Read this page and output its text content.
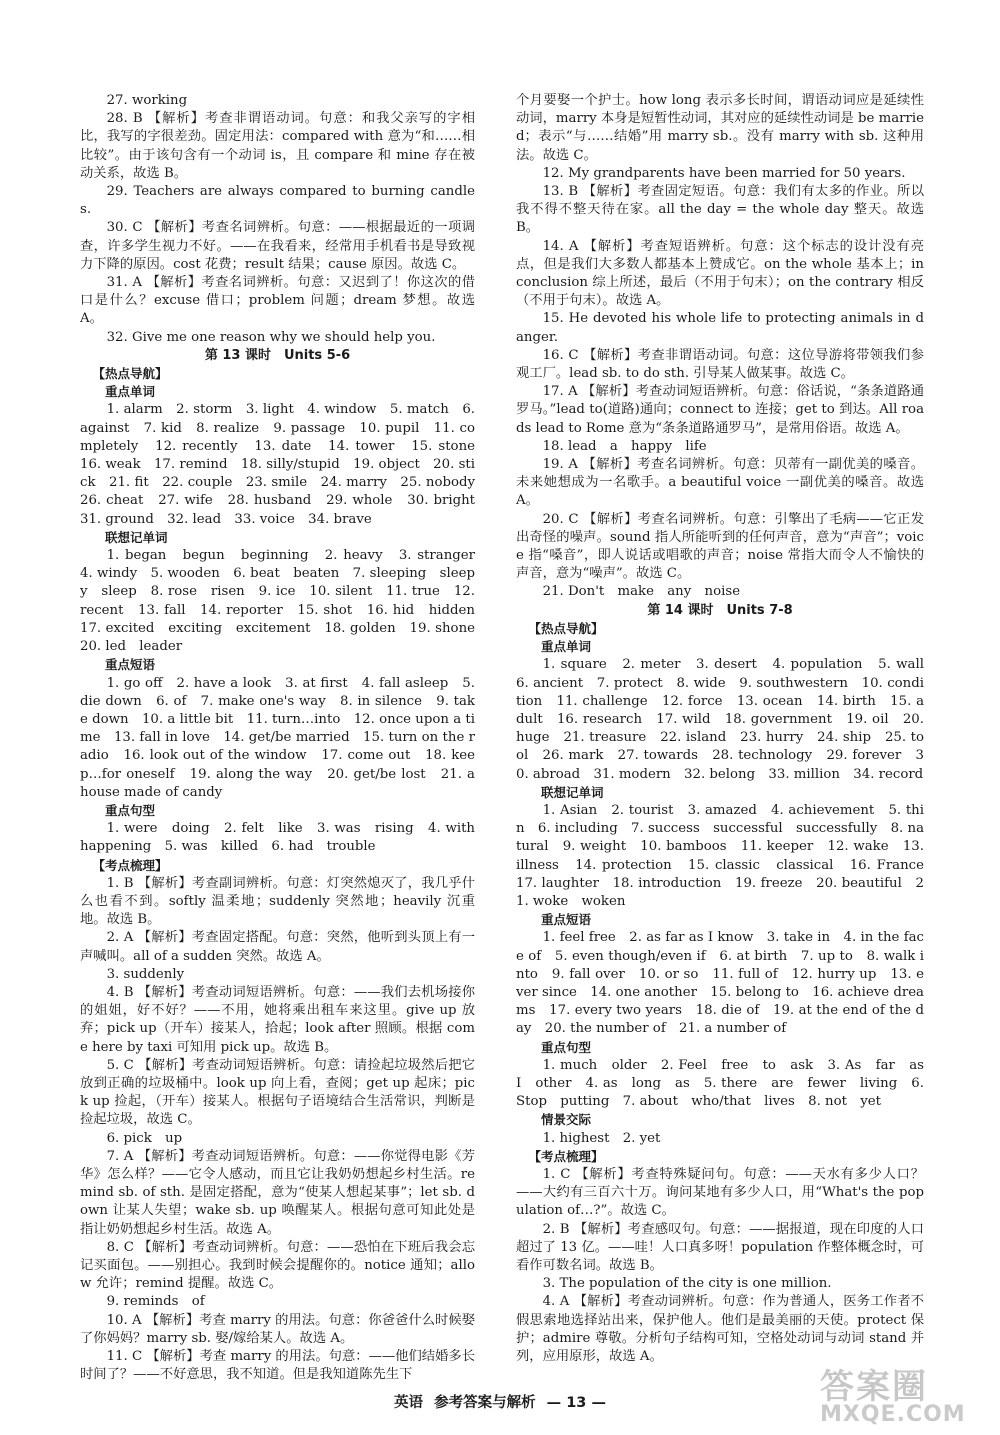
27. working

28. B 【解析】考查非谓语动词。句意：和我父亲写的字相比，我写的字很差劲。固定用法：compared with 意为“和……相比较”。由于该句含有一个动词 is，且 compare 和 mine 存在被动关系，故选 B。

29. Teachers are always compared to burning candles.

30. C 【解析】考查名词辨析。句意：——根据最近的一项调查，许多学生视力不好。——在我看来，经常用手机看书是导致视力下降的原因。cost 花费；result 结果；cause 原因。故选 C。

31. A 【解析】考查名词辨析。句意：又迟到了！你这次的借口是什么？excuse 借口；problem 问题；dream 梦想。故选 A。

32. Give me one reason why we should help you.

第 13 课时　Units 5-6

【热点导航】

重点单词

1. alarm　2. storm　3. light　4. window　5. match　6. against　7. kid　8. realize　9. passage　10. pupil　11. completely　12. recently　13. date　14. tower　15. stone　16. weak　17. remind　18. silly/stupid　19. object　20. stick　21. fit　22. couple　23. smile　24. marry　25. nobody　26. cheat　27. wife　28. husband　29. whole　30. bright　31. ground　32. lead　33. voice　34. brave

联想记单词

1. began　begun　beginning　2. heavy　3. stranger　4. windy　5. wooden　6. beat　beaten　7. sleeping　sleepy　sleep　8. rose　risen　9. ice　10. silent　11. true　12. recent　13. fall　14. reporter　15. shot　16. hid　hidden　17. excited　exciting　excitement　18. golden　19. shone　20. led　leader

重点短语

1. go off　2. have a look　3. at first　4. fall asleep　5. die down　6. of　7. make one's way　8. in silence　9. take down　10. a little bit　11. turn…into　12. once upon a time　13. fall in love　14. get/be married　15. turn on the radio　16. look out of the window　17. come out　18. keep…for oneself　19. along the way　20. get/be lost　21. a house made of candy

重点句型

1. were　doing　2. felt　like　3. was　rising　4. with　happening　5. was　killed　6. had　trouble

【考点梳理】

1. B 【解析】考查副词辨析。句意：灯突然熄灭了，我几乎什么也看不到。softly 温柔地；suddenly 突然地；heavily 沉重地。故选 B。

2. A 【解析】考查固定搭配。句意：突然，他听到头顶上有一声喊叫。all of a sudden 突然。故选 A。

3. suddenly

4. B 【解析】考查动词短语辨析。句意：——我们去机场接你的姐姐，好不好？——不用，她将乘出租车来这里。give up 放弃；pick up（开车）接某人，拾起；look after 照顾。根据 come here by taxi 可知用 pick up。故选 B。

5. C 【解析】考查动词短语辨析。句意：请捡起垃圾然后把它放到正确的垃圾桶中。look up 向上看，查阅；get up 起床；pick up 捡起，（开车）接某人。根据句子语境结合生活常识，判断是捡起垃圾，故选 C。

6. pick　up

7. A 【解析】考查动词短语辨析。句意：——你觉得电影《芳华》怎么样？——它令人感动，而且它让我奶奶想起乡村生活。remind sb. of sth. 是固定搭配，意为“使某人想起某事”；let sb. down 让某人失望；wake sb. up 唤醒某人。根据句意可知此处是指让奶奶想起乡村生活。故选 A。

8. C 【解析】考查动词辨析。句意：——恐怕在下班后我会忘记买面包。——别担心。我到时候会提醒你的。notice 通知；allow 允许；remind 提醒。故选 C。

9. reminds　of

10. A 【解析】考查 marry 的用法。句意：你爸爸什么时候娶了你妈妈？marry sb. 娶/嫁给某人。故选 A。

11. C 【解析】考查 marry 的用法。句意：——他们结婚多长时间了？——不好意思，我不知道。但是我知道陈先生下

个月要娶一个护士。how long 表示多长时间，谓语动词应是延续性动词，marry 本身是短暂性动词，其对应的延续性动词是 be married；表示“与……结婚”用 marry sb.。没有 marry with sb. 这种用法。故选 C。

12. My grandparents have been married for 50 years.

13. B 【解析】考查固定短语。句意：我们有太多的作业。所以我不得不整天待在家。all the day = the whole day 整天。故选 B。

14. A 【解析】考查短语辨析。句意：这个标志的设计没有亮点，但是我们大多数人都基本上赞成它。on the whole 基本上；in conclusion 综上所述，最后（不用于句末）；on the contrary 相反（不用于句末）。故选 A。

15. He devoted his whole life to protecting animals in danger.

16. C 【解析】考查非谓语动词。句意：这位导游将带领我们参观工厂。lead sb. to do sth. 引导某人做某事。故选 C。

17. A 【解析】考查动词短语辨析。句意：俗话说，“条条道路通罗马。”lead to(道路)通向；connect to 连接；get to 到达。All roads lead to Rome 意为“条条道路通罗马”，是常用俗语。故选 A。

18. lead　a　happy　life

19. A 【解析】考查名词辨析。句意：贝蒂有一副优美的嗓音。未来她想成为一名歌手。a beautiful voice 一副优美的嗓音。故选 A。

20. C 【解析】考查名词辨析。句意：引擎出了毛病——它正发出奇怪的噪声。sound 指人所能听到的任何声音，意为“声音”；voice 指“嗓音”，即人说话或唱歌的声音；noise 常指大而令人不愉快的声音，意为“噪声”。故选 C。

21. Don't　make　any　noise

第 14 课时　Units 7-8

【热点导航】

重点单词

1. square　2. meter　3. desert　4. population　5. wall　6. ancient　7. protect　8. wide　9. southwestern　10. condition　11. challenge　12. force　13. ocean　14. birth　15. adult　16. research　17. wild　18. government　19. oil　20. huge　21. treasure　22. island　23. hurry　24. ship　25. tool　26. mark　27. towards　28. technology　29. forever　30. abroad　31. modern　32. belong　33. million　34. record

联想记单词

1. Asian　2. tourist　3. amazed　4. achievement　5. thin　6. including　7. success　successful　successfully　8. natural　9. weight　10. bamboos　11. keeper　12. wake　13. illness　14. protection　15. classic　classical　16. France　17. laughter　18. introduction　19. freeze　20. beautiful　21. woke　woken

重点短语

1. feel free　2. as far as I know　3. take in　4. in the face of　5. even though/even if　6. at birth　7. up to　8. walk into　9. fall over　10. or so　11. full of　12. hurry up　13. ever since　14. one another　15. belong to　16. achieve dreams　17. every two years　18. die of　19. at the end of the day　20. the number of　21. a number of

重点句型

1. much　older　2. Feel　free　to　ask　3. As　far　as　I　other　4. as　long　as　5. there　are　fewer　living　6. Stop　putting　7. about　who/that　lives　8. not　yet

情景交际

1. highest　2. yet

【考点梳理】

1. C 【解析】考查特殊疑问句。句意：——天水有多少人口？——大约有三百六十万。询问某地有多少人口，用“What's the population of…?”。故选 C。

2. B 【解析】考查感叹句。句意：——据报道，现在印度的人口超过了 13 亿。——哇！人口真多呀！population 作整体概念时，可看作可数名词。故选 B。

3. The population of the city is one million.

4. A 【解析】考查动词辨析。句意：作为普通人，医务工作者不假思索地选择站出来，保护他人。他们是最美丽的天使。protect 保护；admire 尊敬。分析句子结构可知，空格处动词与动词 stand 并列，应用原形，故选 A。

英语 参考答案与解析 — 13 —	答案圈
MXQE.COM
